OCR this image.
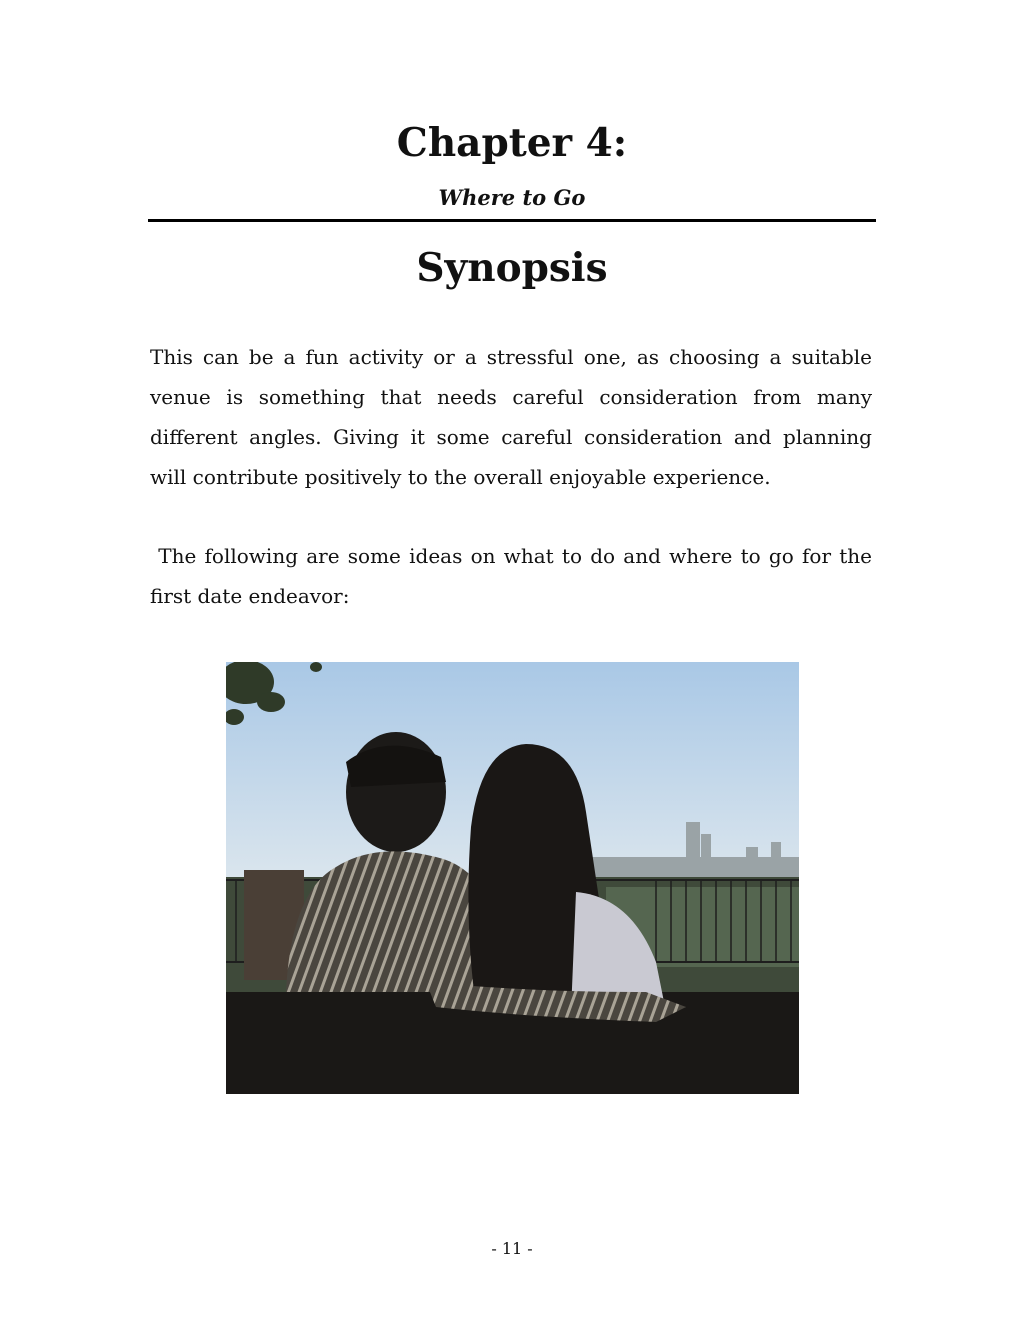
Chapter 4:
Where to Go
Synopsis

This can be a fun activity or a stressful one, as choosing a suitable venue is something that needs careful consideration from many different angles. Giving it some careful consideration and planning will contribute positively to the overall enjoyable experience.

The following are some ideas on what to do and where to go for the first date endeavor:

- 11 -
